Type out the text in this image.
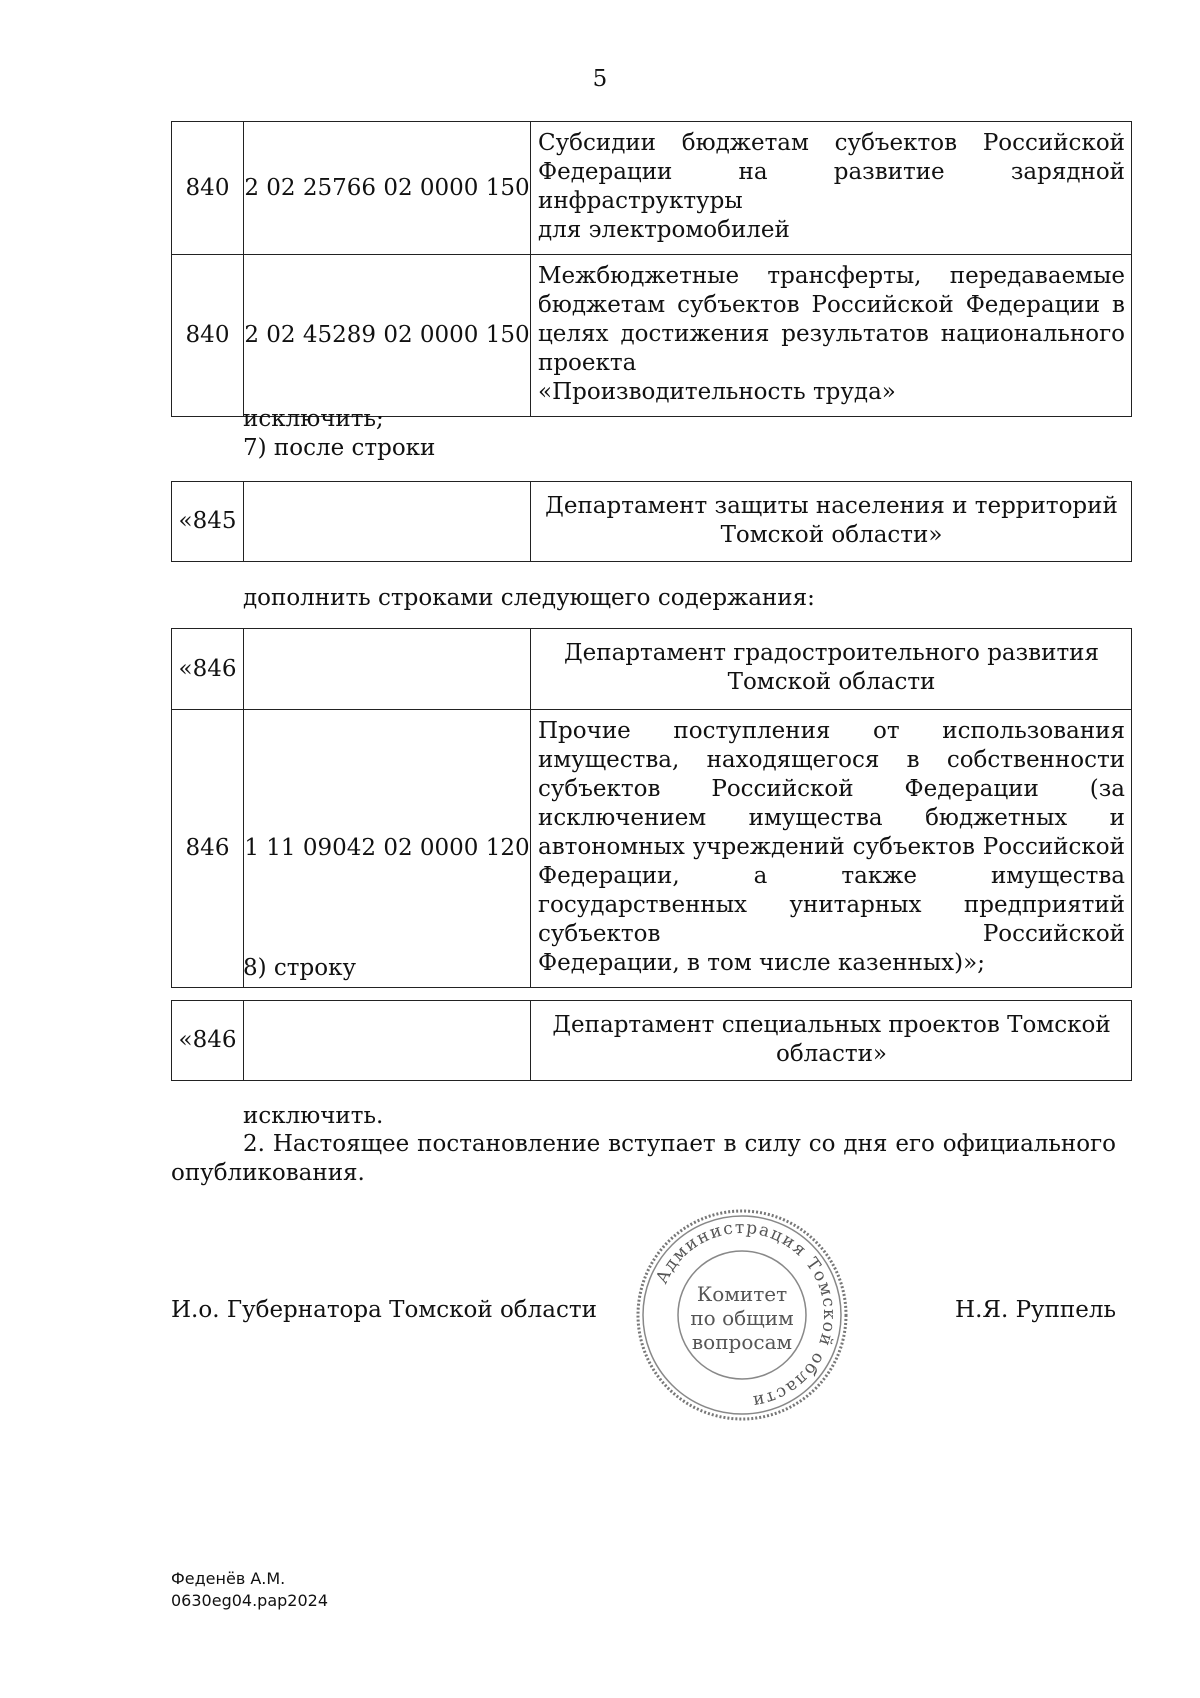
5
840	2 02 25766 02 0000 150	Субсидии бюджетам субъектов Российской Федерации на развитие зарядной инфраструктуры
для электромобилей

840	2 02 45289 02 0000 150	Межбюджетные трансферты, передаваемые бюджетам субъектов Российской Федерации в целях достижения результатов национального проекта
«Производительность труда»
исключить;
7) после строки
«845		Департамент защиты населения и территорий Томской области»
дополнить строками следующего содержания:
«846		Департамент градостроительного развития Томской области
846	1 11 09042 02 0000 120	Прочие поступления от использования имущества, находящегося в собственности субъектов Российской Федерации (за исключением имущества бюджетных и автономных учреждений субъектов Российской Федерации, а также имущества государственных унитарных предприятий субъектов Российской
Федерации, в том числе казенных)»;
8) строку
«846		Департамент специальных проектов Томской области»
исключить.
2. Настоящее постановление вступает в силу со дня его официального
опубликования.
И.о. Губернатора Томской области	Н.Я. Руппель
Администрация Томской области
Комитет
по общим
вопросам
Феденёв А.М.
0630eg04.pap2024
